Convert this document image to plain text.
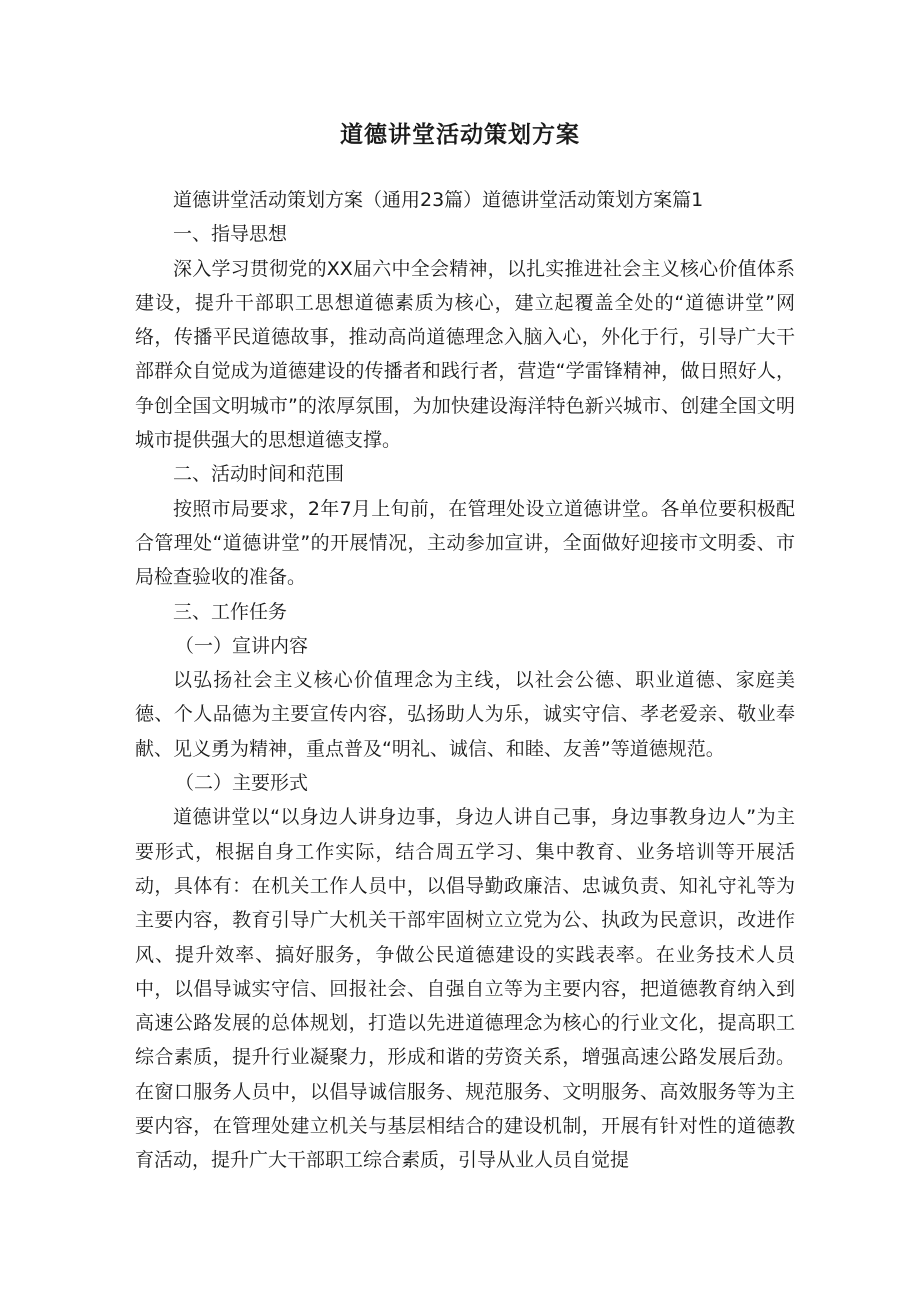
道德讲堂活动策划方案

道德讲堂活动策划方案（通用23篇）道德讲堂活动策划方案篇1

一、指导思想

深入学习贯彻党的XX届六中全会精神，以扎实推进社会主义核心价值体系建设，提升干部职工思想道德素质为核心，建立起覆盖全处的“道德讲堂”网络，传播平民道德故事，推动高尚道德理念入脑入心，外化于行，引导广大干部群众自觉成为道德建设的传播者和践行者，营造“学雷锋精神，做日照好人，争创全国文明城市”的浓厚氛围，为加快建设海洋特色新兴城市、创建全国文明城市提供强大的思想道德支撑。

二、活动时间和范围

按照市局要求，2年7月上旬前，在管理处设立道德讲堂。各单位要积极配合管理处“道德讲堂”的开展情况，主动参加宣讲，全面做好迎接市文明委、市局检查验收的准备。

三、工作任务

（一）宣讲内容

以弘扬社会主义核心价值理念为主线，以社会公德、职业道德、家庭美德、个人品德为主要宣传内容，弘扬助人为乐，诚实守信、孝老爱亲、敬业奉献、见义勇为精神，重点普及“明礼、诚信、和睦、友善”等道德规范。

（二）主要形式

道德讲堂以“以身边人讲身边事，身边人讲自己事，身边事教身边人”为主要形式，根据自身工作实际，结合周五学习、集中教育、业务培训等开展活动，具体有：在机关工作人员中，以倡导勤政廉洁、忠诚负责、知礼守礼等为主要内容，教育引导广大机关干部牢固树立立党为公、执政为民意识，改进作风、提升效率、搞好服务，争做公民道德建设的实践表率。在业务技术人员中，以倡导诚实守信、回报社会、自强自立等为主要内容，把道德教育纳入到高速公路发展的总体规划，打造以先进道德理念为核心的行业文化，提高职工综合素质，提升行业凝聚力，形成和谐的劳资关系，增强高速公路发展后劲。在窗口服务人员中，以倡导诚信服务、规范服务、文明服务、高效服务等为主要内容，在管理处建立机关与基层相结合的建设机制，开展有针对性的道德教育活动，提升广大干部职工综合素质，引导从业人员自觉提
